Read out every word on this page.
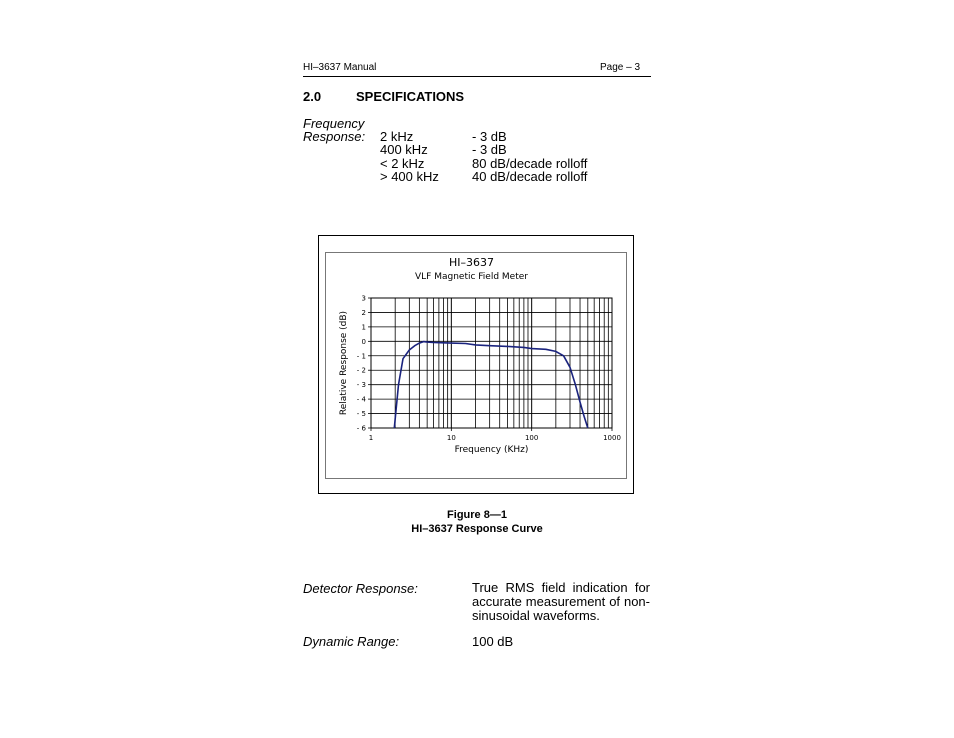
HI–3637 Manual	Page – 3
2.0	SPECIFICATIONS
Frequency
Response: 2 kHz	- 3 dB
400 kHz	- 3 dB
< 2 kHz	80 dB/decade rolloff
> 400 kHz	40 dB/decade rolloff
HI–3637
VLF Magnetic Field Meter
3
2
1
0
- 1
- 2
- 3
- 4
- 5
- 6
1	10	100	1000
Frequency (KHz)
Relative Response (dB)
Figure 8—1
HI–3637 Response Curve
Detector Response:	True RMS field indication for accurate measurement of non-sinusoidal waveforms.
Dynamic Range:	100 dB
